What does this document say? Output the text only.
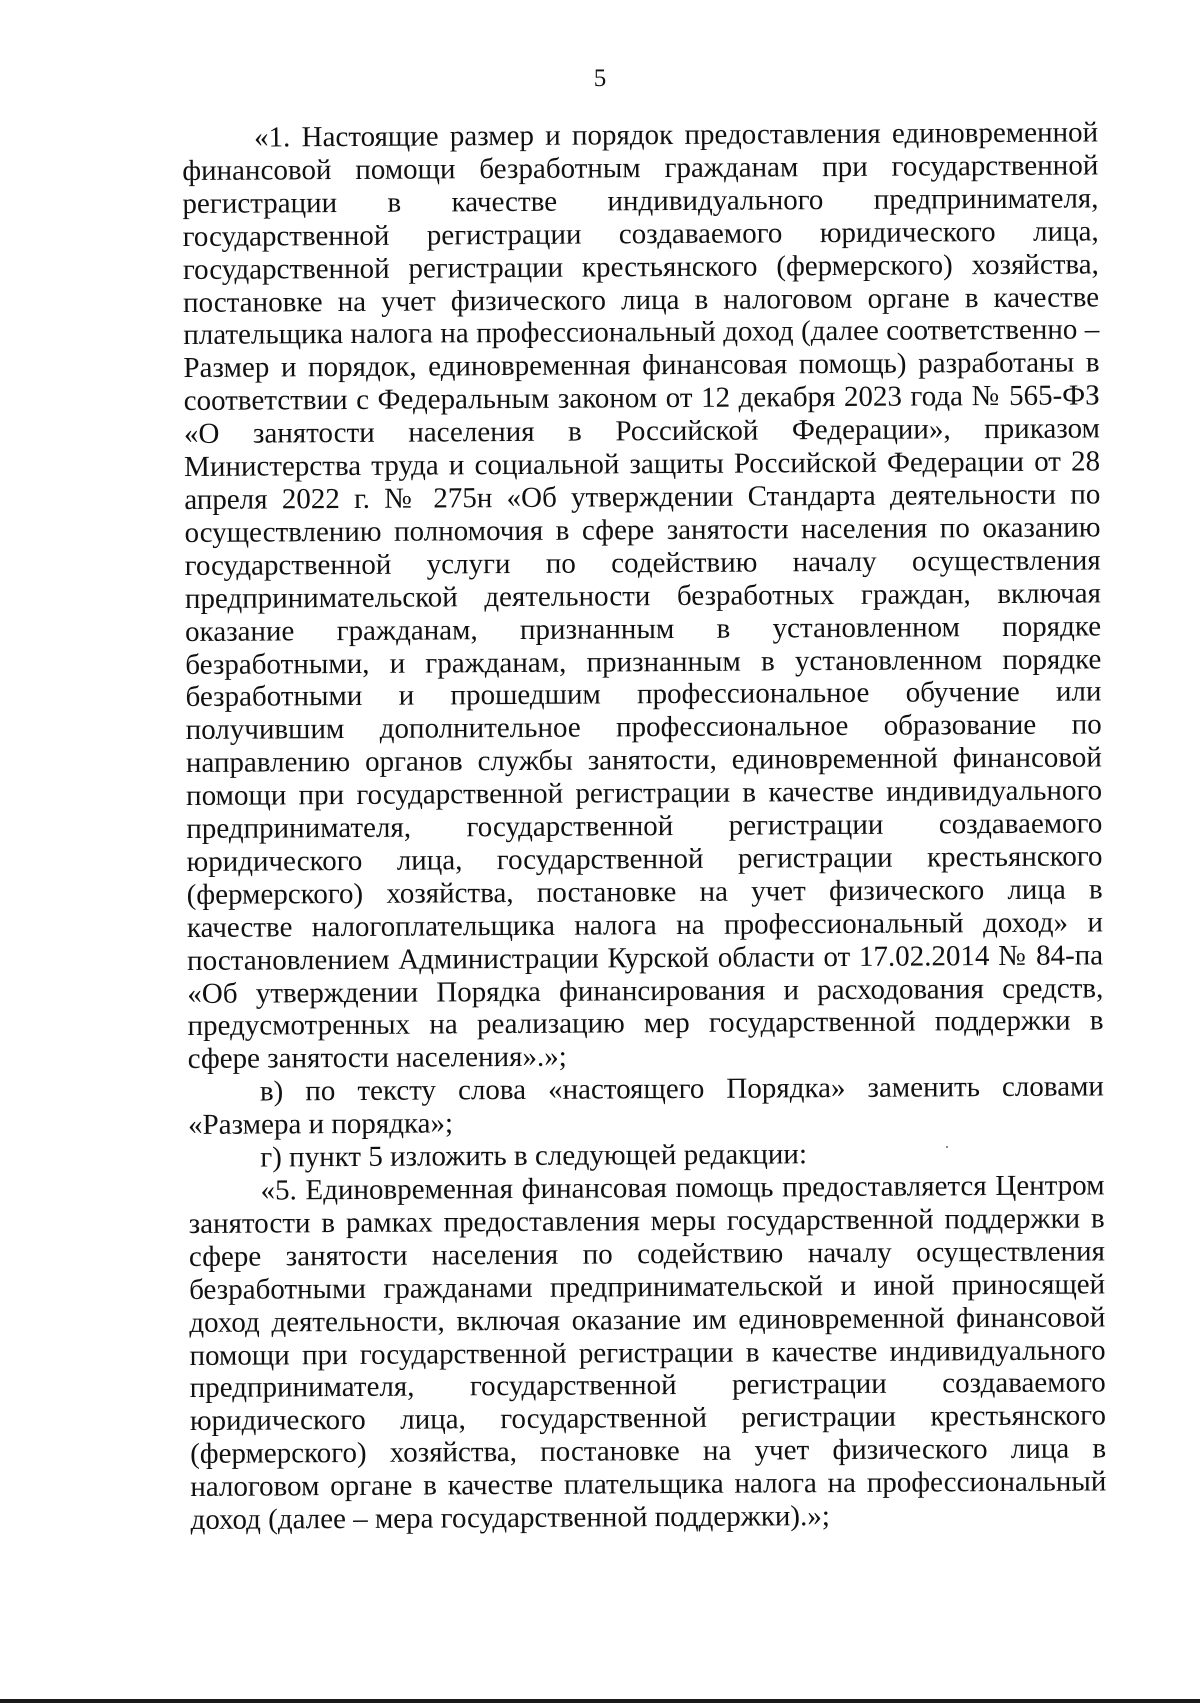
5

«1. Настоящие размер и порядок предоставления единовременной финансовой помощи безработным гражданам при государственной регистрации в качестве индивидуального предпринимателя, государственной регистрации создаваемого юридического лица, государственной регистрации крестьянского (фермерского) хозяйства, постановке на учет физического лица в налоговом органе в качестве плательщика налога на профессиональный доход (далее соответственно – Размер и порядок, единовременная финансовая помощь) разработаны в соответствии с Федеральным законом от 12 декабря 2023 года № 565-ФЗ «О занятости населения в Российской Федерации», приказом Министерства труда и социальной защиты Российской Федерации от 28 апреля 2022 г. № 275н «Об утверждении Стандарта деятельности по осуществлению полномочия в сфере занятости населения по оказанию государственной услуги по содействию началу осуществления предпринимательской деятельности безработных граждан, включая оказание гражданам, признанным в установленном порядке безработными, и гражданам, признанным в установленном порядке безработными и прошедшим профессиональное обучение или получившим дополнительное профессиональное образование по направлению органов службы занятости, единовременной финансовой помощи при государственной регистрации в качестве индивидуального предпринимателя, государственной регистрации создаваемого юридического лица, государственной регистрации крестьянского (фермерского) хозяйства, постановке на учет физического лица в качестве налогоплательщика налога на профессиональный доход» и постановлением Администрации Курской области от 17.02.2014 № 84-па «Об утверждении Порядка финансирования и расходования средств, предусмотренных на реализацию мер государственной поддержки в сфере занятости населения».»;

в) по тексту слова «настоящего Порядка» заменить словами «Размера и порядка»;

г) пункт 5 изложить в следующей редакции:

«5. Единовременная финансовая помощь предоставляется Центром занятости в рамках предоставления меры государственной поддержки в сфере занятости населения по содействию началу осуществления безработными гражданами предпринимательской и иной приносящей доход деятельности, включая оказание им единовременной финансовой помощи при государственной регистрации в качестве индивидуального предпринимателя, государственной регистрации создаваемого юридического лица, государственной регистрации крестьянского (фермерского) хозяйства, постановке на учет физического лица в налоговом органе в качестве плательщика налога на профессиональный доход (далее – мера государственной поддержки).»;
